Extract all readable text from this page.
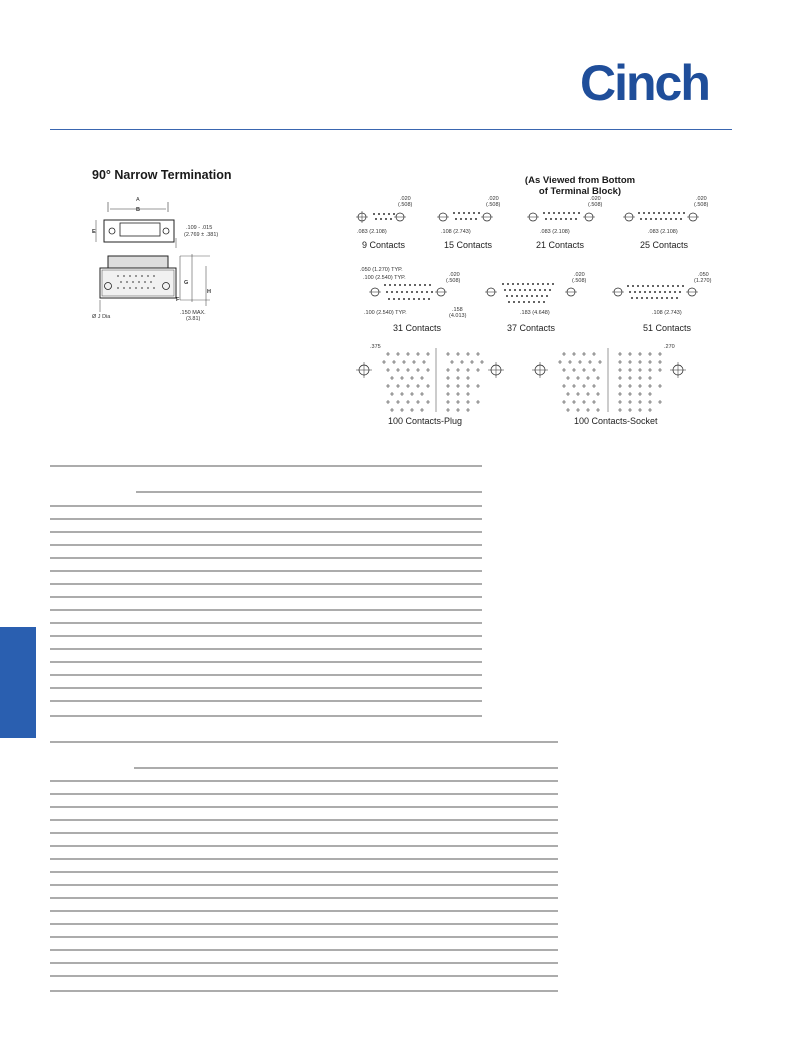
Cinch
90° Narrow Termination	(As Viewed from Bottom
of Terminal Block)
A
B
E
.109 - .015
(2.769 ± .381)
G
F
H
.150 MAX.
(3.81)
Ø J Dia
.020
(.508)
.083 (2.108)
9 Contacts
.020
(.508)
.108 (2.743)
15 Contacts
.020
(.508)
.083 (2.108)
21 Contacts
.020
(.508)
.083 (2.108)
25 Contacts
.050 (1.270) TYP.
.100 (2.540) TYP.
.100 (2.540) TYP.
.020
(.508)
.158
(4.013)
31 Contacts
.020
(.508)
.183 (4.648)
37 Contacts
.050
(1.270)
.108 (2.743)
51 Contacts
.375
100 Contacts-Plug
.270
100 Contacts-Socket
